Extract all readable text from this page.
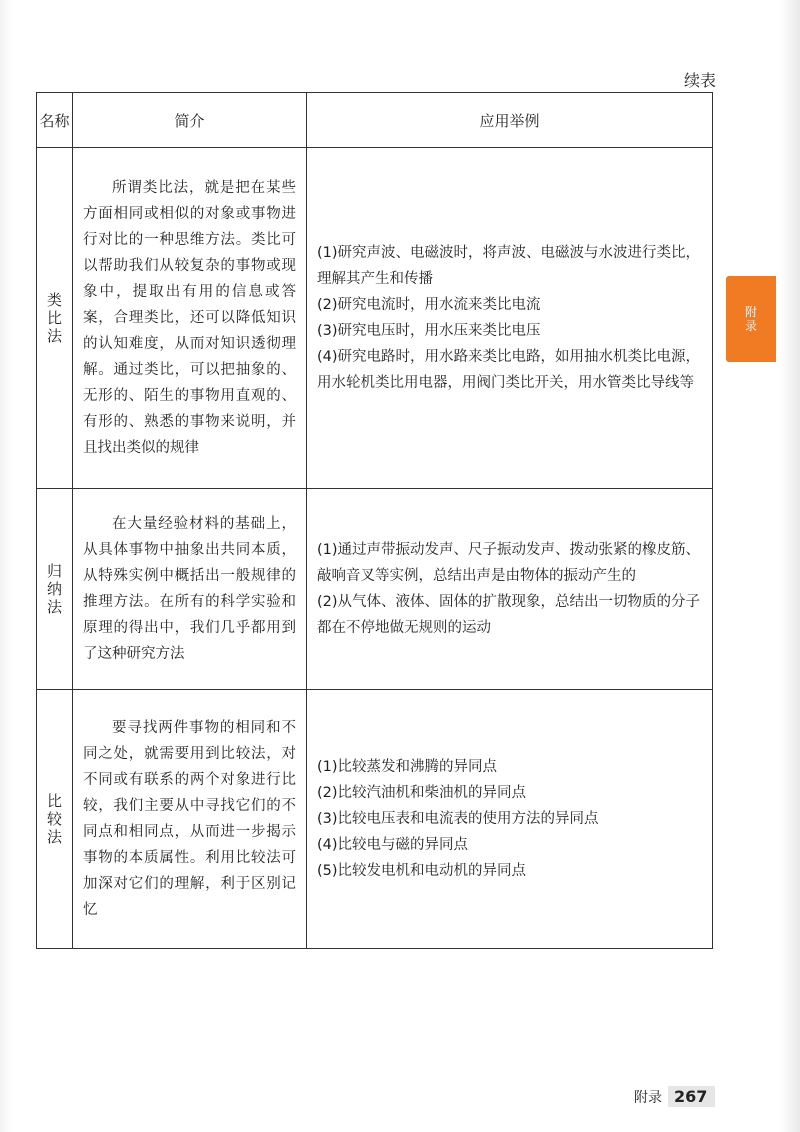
续表
名称	简介	应用举例
类比法	所谓类比法，就是把在某些方面相同或相似的对象或事物进行对比的一种思维方法。类比可以帮助我们从较复杂的事物或现象中，提取出有用的信息或答案，合理类比，还可以降低知识的认知难度，从而对知识透彻理解。通过类比，可以把抽象的、无形的、陌生的事物用直观的、有形的、熟悉的事物来说明，并且找出类似的规律	(1)研究声波、电磁波时，将声波、电磁波与水波进行类比，理解其产生和传播
(2)研究电流时，用水流来类比电流
(3)研究电压时，用水压来类比电压
(4)研究电路时，用水路来类比电路，如用抽水机类比电源，用水轮机类比用电器，用阀门类比开关，用水管类比导线等

归纳法	在大量经验材料的基础上，从具体事物中抽象出共同本质，从特殊实例中概括出一般规律的推理方法。在所有的科学实验和原理的得出中，我们几乎都用到了这种研究方法	(1)通过声带振动发声、尺子振动发声、拨动张紧的橡皮筋、敲响音叉等实例，总结出声是由物体的振动产生的
(2)从气体、液体、固体的扩散现象，总结出一切物质的分子都在不停地做无规则的运动

比较法	要寻找两件事物的相同和不同之处，就需要用到比较法，对不同或有联系的两个对象进行比较，我们主要从中寻找它们的不同点和相同点，从而进一步揭示事物的本质属性。利用比较法可加深对它们的理解，利于区别记忆	(1)比较蒸发和沸腾的异同点
(2)比较汽油机和柴油机的异同点
(3)比较电压表和电流表的使用方法的异同点
(4)比较电与磁的异同点
(5)比较发电机和电动机的异同点
附录
附录 267
